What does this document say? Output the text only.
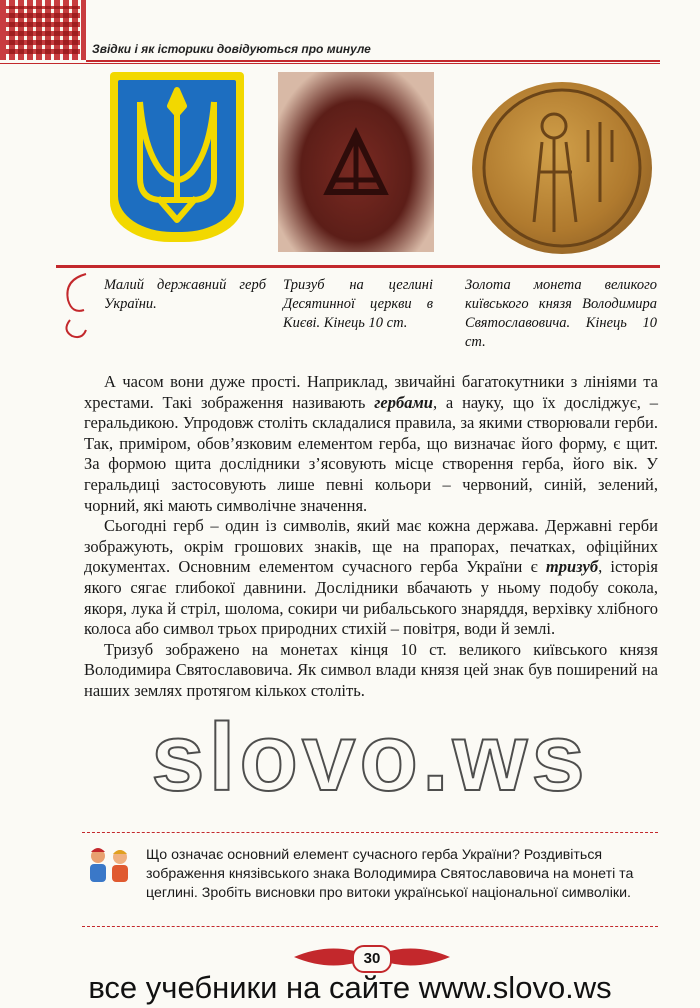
Звідки і як історики довідуються про минуле
Малий державний герб України.
Тризуб на цеглині Десятинної церкви в Києві. Кінець 10 ст.
Золота монета великого київського князя Володимира Святославовича. Кінець 10 ст.

А часом вони дуже прості. Наприклад, звичайні багатокутники з лініями та хрестами. Такі зображення називають гербами, а науку, що їх досліджує, – геральдикою. Упродовж століть складалися правила, за якими створювали герби. Так, приміром, обов’язковим елементом герба, що визначає його форму, є щит. За формою щита дослідники з’ясовують місце створення герба, його вік. У геральдиці застосовують лише певні кольори – червоний, синій, зелений, чорний, які мають символічне значення.

Сьогодні герб – один із символів, який має кожна держава. Державні герби зображують, окрім грошових знаків, ще на прапорах, печатках, офіційних документах. Основним елементом сучасного герба України є тризуб, історія якого сягає глибокої давнини. Дослідники вбачають у ньому подобу сокола, якоря, лука й стріл, шолома, сокири чи рибальського знаряддя, верхівку хлібного колоса або символ трьох природних стихій – повітря, води й землі.

Тризуб зображено на монетах кінця 10 ст. великого київського князя Володимира Святославовича. Як символ влади князя цей знак був поширений на наших землях протягом кількох століть.

slovo.ws
Що означає основний елемент сучасного герба України? Роздивіться зображення князівського знака Володимира Святославовича на монеті та цеглині. Зробіть висновки про витоки української національної символіки.
30
все учебники на сайте www.slovo.ws
